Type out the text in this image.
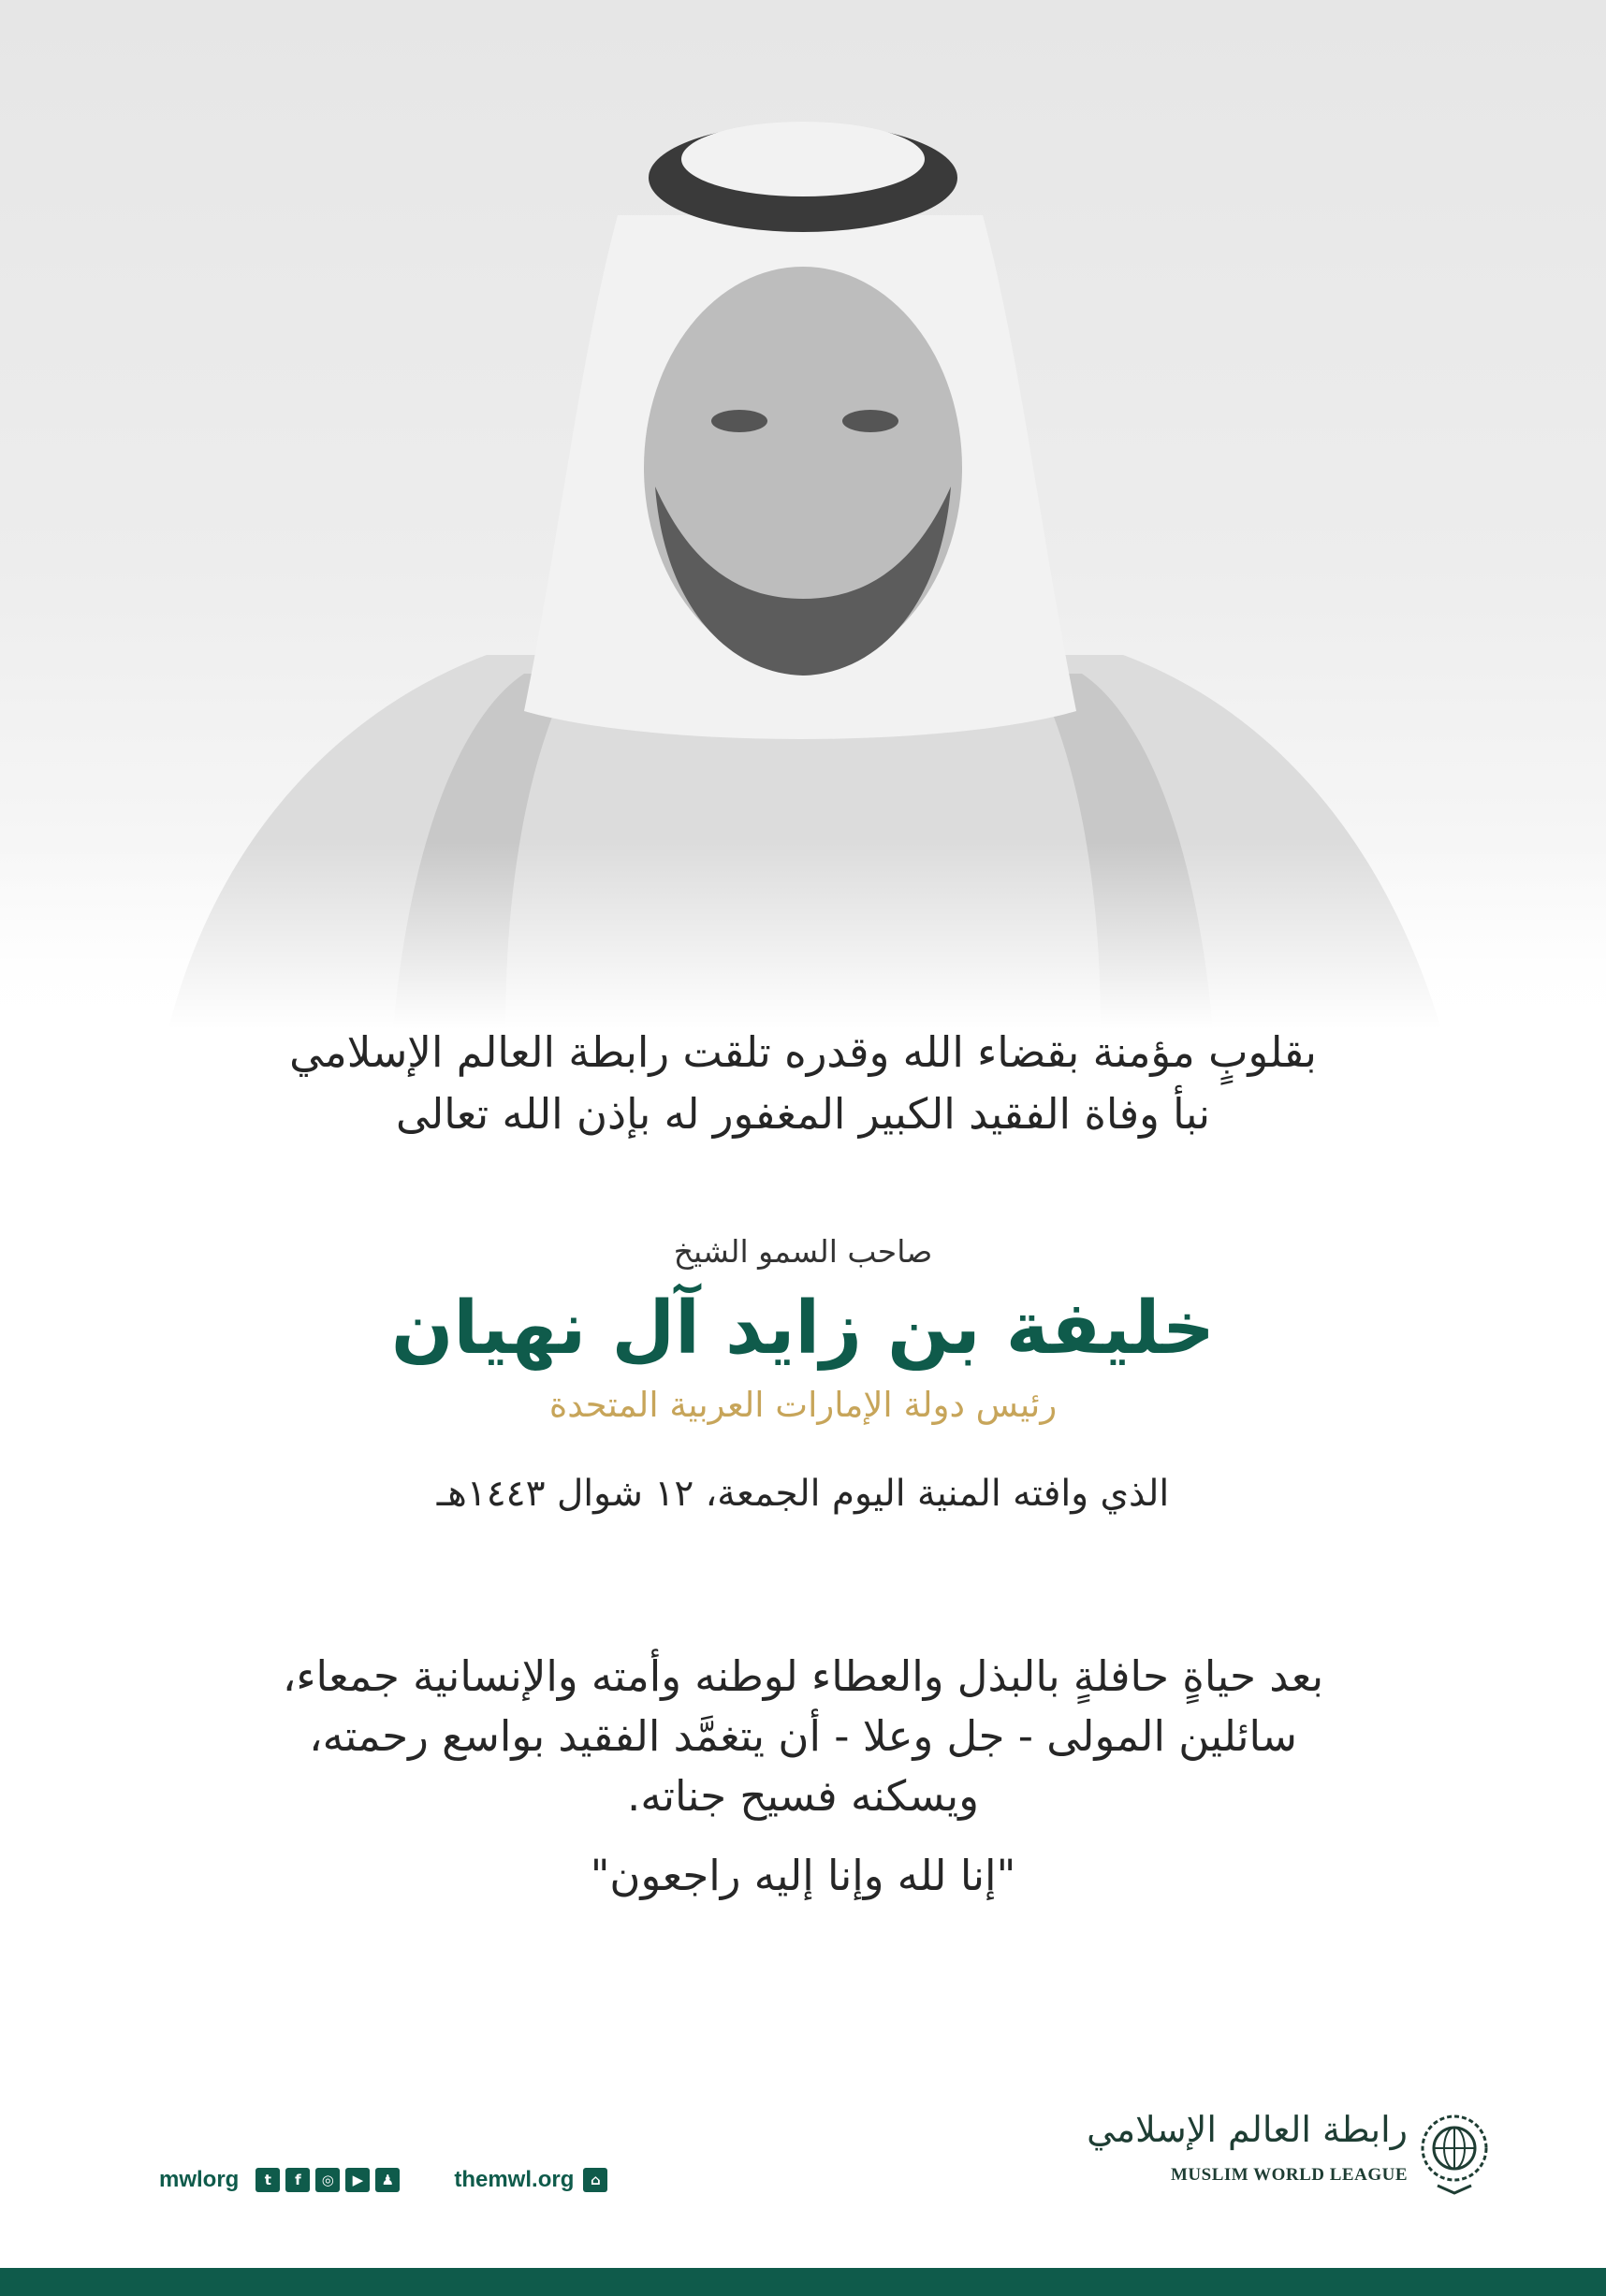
بقلوبٍ مؤمنة بقضاء الله وقدره تلقت رابطة العالم الإسلامي

نبأ وفاة الفقيد الكبير المغفور له بإذن الله تعالى

صاحب السمو الشيخ
خليفة بن زايد آل نهيان
رئيس دولة الإمارات العربية المتحدة
الذي وافته المنية اليوم الجمعة، ١٢ شوال ١٤٤٣هـ

بعد حياةٍ حافلةٍ بالبذل والعطاء لوطنه وأمته والإنسانية جمعاء،

سائلين المولى - جل وعلا - أن يتغمَّد الفقيد بواسع رحمته،

ويسكنه فسيح جناته.

"إنا لله وإنا إليه راجعون"
mwlorg	t	f	◎	▶	♟	themwl.org	⌂
رابطة العالم الإسلامي
MUSLIM WORLD LEAGUE
